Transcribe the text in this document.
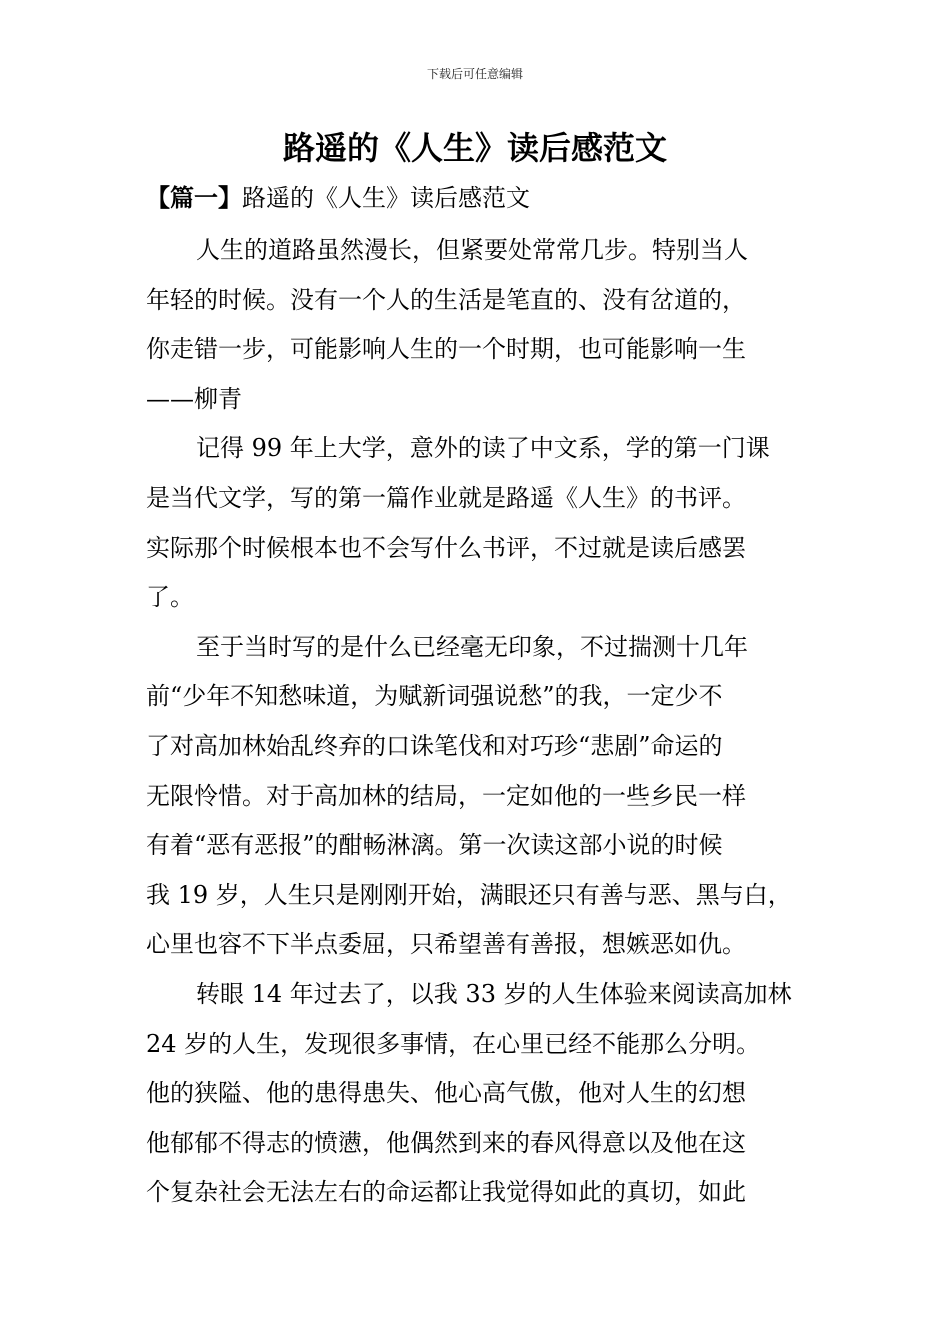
下载后可任意编辑
路遥的《人生》读后感范文

【篇一】路遥的《人生》读后感范文

人生的道路虽然漫长，但紧要处常常几步。特别当人
年轻的时候。没有一个人的生活是笔直的、没有岔道的，
你走错一步，可能影响人生的一个时期，也可能影响一生
——柳青
记得 99 年上大学，意外的读了中文系，学的第一门课
是当代文学，写的第一篇作业就是路遥《人生》的书评。
实际那个时候根本也不会写什么书评，不过就是读后感罢
了。
至于当时写的是什么已经毫无印象，不过揣测十几年
前“少年不知愁味道，为赋新词强说愁”的我，一定少不
了对高加林始乱终弃的口诛笔伐和对巧珍“悲剧”命运的
无限怜惜。对于高加林的结局，一定如他的一些乡民一样
有着“恶有恶报”的酣畅淋漓。第一次读这部小说的时候
我 19 岁，人生只是刚刚开始，满眼还只有善与恶、黑与白，
心里也容不下半点委屈，只希望善有善报，想嫉恶如仇。
转眼 14 年过去了，以我 33 岁的人生体验来阅读高加林
24 岁的人生，发现很多事情，在心里已经不能那么分明。
他的狭隘、他的患得患失、他心高气傲，他对人生的幻想
他郁郁不得志的愤懑，他偶然到来的春风得意以及他在这
个复杂社会无法左右的命运都让我觉得如此的真切，如此
